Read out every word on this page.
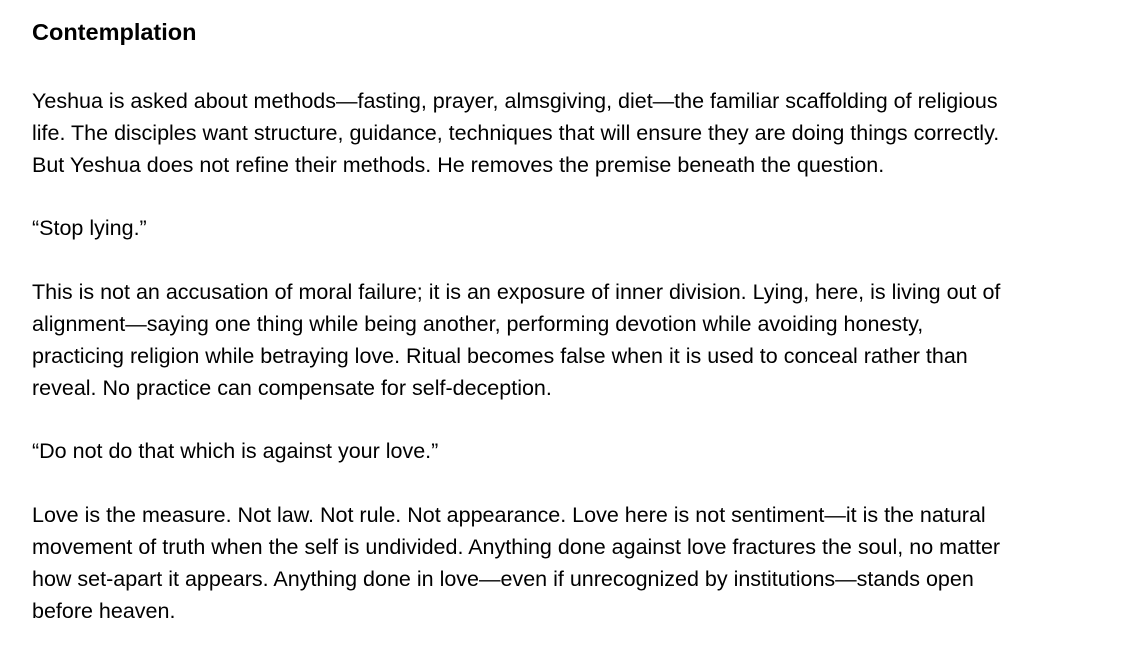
Contemplation

Yeshua is asked about methods—fasting, prayer, almsgiving, diet—the familiar scaffolding of religious
life. The disciples want structure, guidance, techniques that will ensure they are doing things correctly.
But Yeshua does not refine their methods. He removes the premise beneath the question.

“Stop lying.”

This is not an accusation of moral failure; it is an exposure of inner division. Lying, here, is living out of
alignment—saying one thing while being another, performing devotion while avoiding honesty,
practicing religion while betraying love. Ritual becomes false when it is used to conceal rather than
reveal. No practice can compensate for self-deception.

“Do not do that which is against your love.”

Love is the measure. Not law. Not rule. Not appearance. Love here is not sentiment—it is the natural
movement of truth when the self is undivided. Anything done against love fractures the soul, no matter
how set-apart it appears. Anything done in love—even if unrecognized by institutions—stands open
before heaven.
